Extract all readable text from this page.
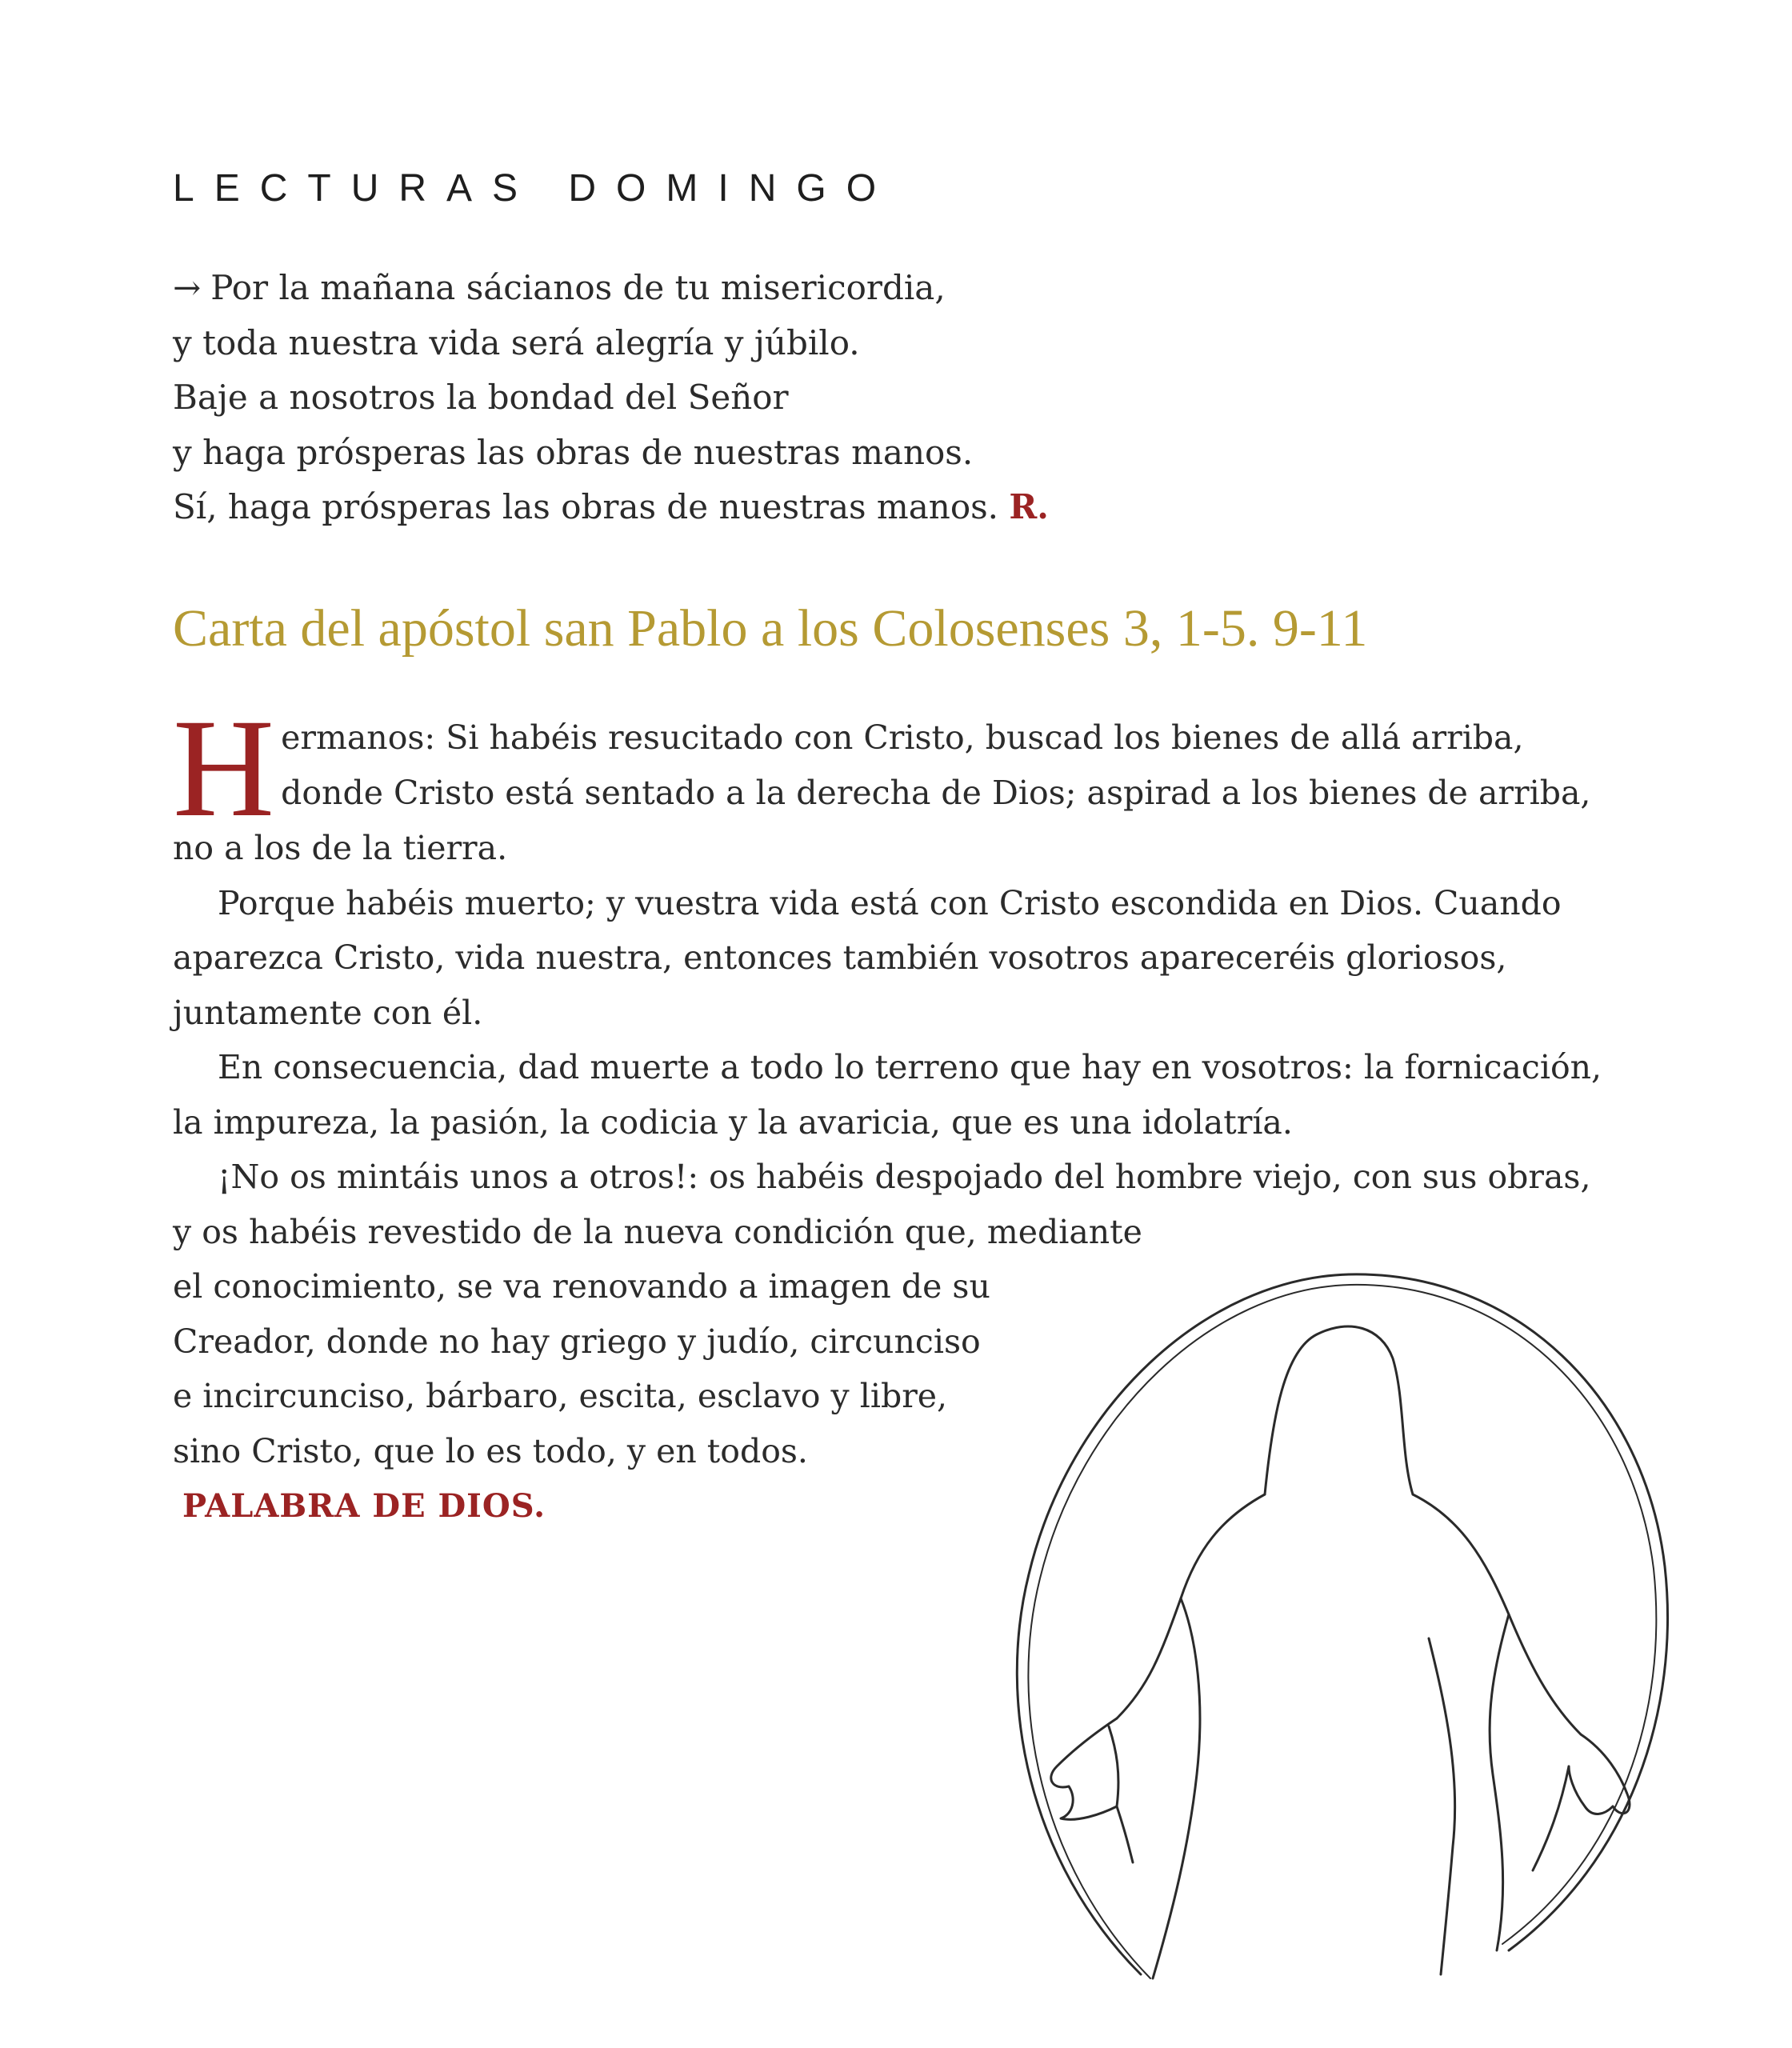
LECTURAS DOMINGO
→ Por la mañana sácianos de tu misericordia,
y toda nuestra vida será alegría y júbilo.
Baje a nosotros la bondad del Señor
y haga prósperas las obras de nuestras manos.
Sí, haga prósperas las obras de nuestras manos. R.
Carta del apóstol san Pablo a los Colosenses 3, 1-5. 9-11
H ermanos: Si habéis resucitado con Cristo, buscad los bienes de allá arriba,
donde Cristo está sentado a la derecha de Dios; aspirad a los bienes de arriba,
no a los de la tierra.
Porque habéis muerto; y vuestra vida está con Cristo escondida en Dios. Cuando
aparezca Cristo, vida nuestra, entonces también vosotros apareceréis gloriosos,
juntamente con él.
En consecuencia, dad muerte a todo lo terreno que hay en vosotros: la fornicación,
la impureza, la pasión, la codicia y la avaricia, que es una idolatría.
¡No os mintáis unos a otros!: os habéis despojado del hombre viejo, con sus obras,
y os habéis revestido de la nueva condición que, mediante
el conocimiento, se va renovando a imagen de su
Creador, donde no hay griego y judío, circunciso
e incircunciso, bárbaro, escita, esclavo y libre,
sino Cristo, que lo es todo, y en todos.
PALABRA DE DIOS.
